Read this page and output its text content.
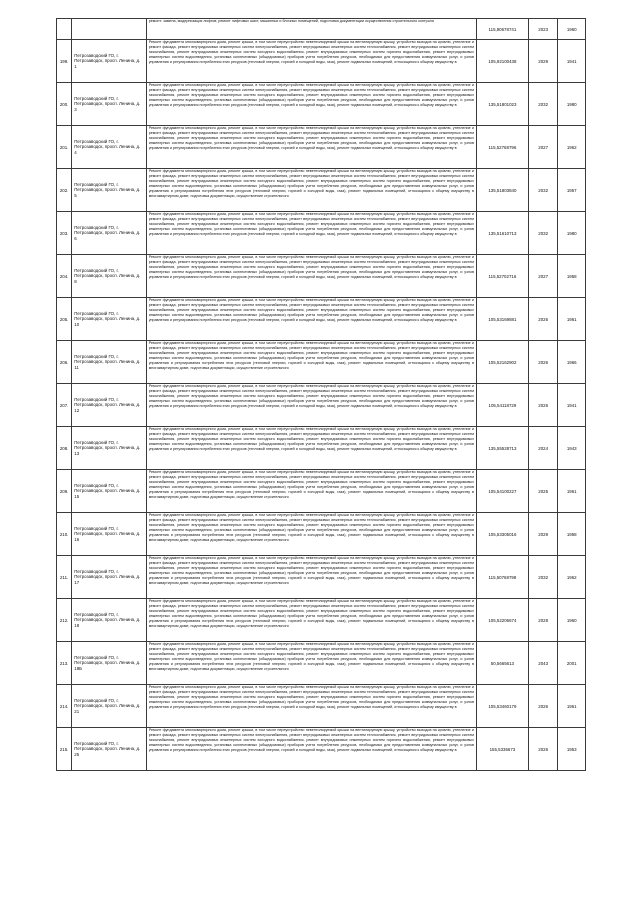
		ремонт: замена, модернизация лифтов; ремонт лифтовых шахт, машинных и блочных помещений, подготовка документации осуществления строительного контроля	115,90678741	2023	1960
199.	Петрозаводский ГО, г. Петрозаводск, просп. Ленина, д. 1	Ремонт фундамента многоквартирного дома, ремонт крыши, в том числе переустройство невентилируемой крыши на вентилируемую крышу, устройство выходов на кровлю, утепление и ремонт фасада, ремонт внутридомовых инженерных систем электроснабжения, ремонт внутридомовых инженерных систем теплоснабжения, ремонт внутридомовых инженерных систем газоснабжения, ремонт внутридомовых инженерных систем холодного водоснабжения, ремонт внутридомовых инженерных систем горячего водоснабжения, ремонт внутридомовых инженерных систем водоотведения, установка коллективных (общедомовых) приборов учета потребления ресурсов, необходимых для предоставления коммунальных услуг, и узлов управления и регулирования потребления этих ресурсов (тепловой энергии, горячей и холодной воды, газа), ремонт подвальных помещений, относящихся к общему имуществу в	105,92100438	2029	1941
200.	Петрозаводский ГО, г. Петрозаводск, просп. Ленина, д. 3	Ремонт фундамента многоквартирного дома, ремонт крыши, в том числе переустройство невентилируемой крыши на вентилируемую крышу, устройство выходов на кровлю, утепление и ремонт фасада, ремонт внутридомовых инженерных систем электроснабжения, ремонт внутридомовых инженерных систем теплоснабжения, ремонт внутридомовых инженерных систем газоснабжения, ремонт внутридомовых инженерных систем холодного водоснабжения, ремонт внутридомовых инженерных систем горячего водоснабжения, ремонт внутридомовых инженерных систем водоотведения, установка коллективных (общедомовых) приборов учета потребления ресурсов, необходимых для предоставления коммунальных услуг, и узлов управления и регулирования потребления этих ресурсов (тепловой энергии, горячей и холодной воды, газа), ремонт подвальных помещений, относящихся к общему имуществу в	135,51801023	2032	1980
201.	Петрозаводский ГО, г. Петрозаводск, просп. Ленина, д. 4	Ремонт фундамента многоквартирного дома, ремонт крыши, в том числе переустройство невентилируемой крыши на вентилируемую крышу, устройство выходов на кровлю, утепление и ремонт фасада, ремонт внутридомовых инженерных систем электроснабжения, ремонт внутридомовых инженерных систем теплоснабжения, ремонт внутридомовых инженерных систем газоснабжения, ремонт внутридомовых инженерных систем холодного водоснабжения, ремонт внутридомовых инженерных систем горячего водоснабжения, ремонт внутридомовых инженерных систем водоотведения, установка коллективных (общедомовых) приборов учета потребления ресурсов, необходимых для предоставления коммунальных услуг, и узлов управления и регулирования потребления этих ресурсов (тепловой энергии, горячей и холодной воды, газа), ремонт подвальных помещений, относящихся к общему имуществу в	115,52768796	2027	1962
202.	Петрозаводский ГО, г. Петрозаводск, просп. Ленина, д. 5	Ремонт фундамента многоквартирного дома, ремонт крыши, в том числе переустройство невентилируемой крыши на вентилируемую крышу, устройство выходов на кровлю, утепление и ремонт фасада, ремонт внутридомовых инженерных систем электроснабжения, ремонт внутридомовых инженерных систем теплоснабжения, ремонт внутридомовых инженерных систем газоснабжения, ремонт внутридомовых инженерных систем холодного водоснабжения, ремонт внутридомовых инженерных систем горячего водоснабжения, ремонт внутридомовых инженерных систем водоотведения, установка коллективных (общедомовых) приборов учета потребления ресурсов, необходимых для предоставления коммунальных услуг, и узлов управления и регулирования потребления этих ресурсов (тепловой энергии, горячей и холодной воды, газа), ремонт подвальных помещений, относящихся к общему имуществу в многоквартирном доме, подготовка документации, осуществление строительного	135,51803840	2032	1957
203.	Петрозаводский ГО, г. Петрозаводск, просп. Ленина, д. 6	Ремонт фундамента многоквартирного дома, ремонт крыши, в том числе переустройство невентилируемой крыши на вентилируемую крышу, устройство выходов на кровлю, утепление и ремонт фасада, ремонт внутридомовых инженерных систем электроснабжения, ремонт внутридомовых инженерных систем теплоснабжения, ремонт внутридомовых инженерных систем газоснабжения, ремонт внутридомовых инженерных систем холодного водоснабжения, ремонт внутридомовых инженерных систем горячего водоснабжения, ремонт внутридомовых инженерных систем водоотведения, установка коллективных (общедомовых) приборов учета потребления ресурсов, необходимых для предоставления коммунальных услуг, и узлов управления и регулирования потребления этих ресурсов (тепловой энергии, горячей и холодной воды, газа), ремонт подвальных помещений, относящихся к общему имуществу в	135,51610713	2032	1980
204.	Петрозаводский ГО, г. Петрозаводск, просп. Ленина, д. 8	Ремонт фундамента многоквартирного дома, ремонт крыши, в том числе переустройство невентилируемой крыши на вентилируемую крышу, устройство выходов на кровлю, утепление и ремонт фасада, ремонт внутридомовых инженерных систем электроснабжения, ремонт внутридомовых инженерных систем теплоснабжения, ремонт внутридомовых инженерных систем газоснабжения, ремонт внутридомовых инженерных систем холодного водоснабжения, ремонт внутридомовых инженерных систем горячего водоснабжения, ремонт внутридомовых инженерных систем водоотведения, установка коллективных (общедомовых) приборов учета потребления ресурсов, необходимых для предоставления коммунальных услуг, и узлов управления и регулирования потребления этих ресурсов (тепловой энергии, горячей и холодной воды, газа), ремонт подвальных помещений, относящихся к общему имуществу в	115,52702716	2027	1958
205.	Петрозаводский ГО, г. Петрозаводск, просп. Ленина, д. 10	Ремонт фундамента многоквартирного дома, ремонт крыши, в том числе переустройство невентилируемой крыши на вентилируемую крышу, устройство выходов на кровлю, утепление и ремонт фасада, ремонт внутридомовых инженерных систем электроснабжения, ремонт внутридомовых инженерных систем теплоснабжения, ремонт внутридомовых инженерных систем газоснабжения, ремонт внутридомовых инженерных систем холодного водоснабжения, ремонт внутридомовых инженерных систем горячего водоснабжения, ремонт внутридомовых инженерных систем водоотведения, установка коллективных (общедомовых) приборов учета потребления ресурсов, необходимых для предоставления коммунальных услуг, и узлов управления и регулирования потребления этих ресурсов (тепловой энергии, горячей и холодной воды, газа), ремонт подвальных помещений, относящихся к общему имуществу в	105,53169881	2026	1961
206.	Петрозаводский ГО, г. Петрозаводск, просп. Ленина, д. 11	Ремонт фундамента многоквартирного дома, ремонт крыши, в том числе переустройство невентилируемой крыши на вентилируемую крышу, устройство выходов на кровлю, утепление и ремонт фасада, ремонт внутридомовых инженерных систем электроснабжения, ремонт внутридомовых инженерных систем теплоснабжения, ремонт внутридомовых инженерных систем газоснабжения, ремонт внутридомовых инженерных систем холодного водоснабжения, ремонт внутридомовых инженерных систем горячего водоснабжения, ремонт внутридомовых инженерных систем водоотведения, установка коллективных (общедомовых) приборов учета потребления ресурсов, необходимых для предоставления коммунальных услуг, и узлов управления и регулирования потребления этих ресурсов (тепловой энергии, горячей и холодной воды, газа), ремонт подвальных помещений, относящихся к общему имуществу в многоквартирном доме, подготовка документации, осуществление строительного	105,52162902	2026	1966
207.	Петрозаводский ГО, г. Петрозаводск, просп. Ленина, д. 12	Ремонт фундамента многоквартирного дома, ремонт крыши, в том числе переустройство невентилируемой крыши на вентилируемую крышу, устройство выходов на кровлю, утепление и ремонт фасада, ремонт внутридомовых инженерных систем электроснабжения, ремонт внутридомовых инженерных систем теплоснабжения, ремонт внутридомовых инженерных систем газоснабжения, ремонт внутридомовых инженерных систем холодного водоснабжения, ремонт внутридомовых инженерных систем горячего водоснабжения, ремонт внутридомовых инженерных систем водоотведения, установка коллективных (общедомовых) приборов учета потребления ресурсов, необходимых для предоставления коммунальных услуг, и узлов управления и регулирования потребления этих ресурсов (тепловой энергии, горячей и холодной воды, газа), ремонт подвальных помещений, относящихся к общему имуществу в	105,54118729	2026	1941
208.	Петрозаводский ГО, г. Петрозаводск, просп. Ленина, д. 13	Ремонт фундамента многоквартирного дома, ремонт крыши, в том числе переустройство невентилируемой крыши на вентилируемую крышу, устройство выходов на кровлю, утепление и ремонт фасада, ремонт внутридомовых инженерных систем электроснабжения, ремонт внутридомовых инженерных систем теплоснабжения, ремонт внутридомовых инженерных систем газоснабжения, ремонт внутридомовых инженерных систем холодного водоснабжения, ремонт внутридомовых инженерных систем горячего водоснабжения, ремонт внутридомовых инженерных систем водоотведения, установка коллективных (общедомовых) приборов учета потребления ресурсов, необходимых для предоставления коммунальных услуг, и узлов управления и регулирования потребления этих ресурсов (тепловой энергии, горячей и холодной воды, газа), ремонт подвальных помещений, относящихся к общему имуществу в	135,55528713	2024	1943
209.	Петрозаводский ГО, г. Петрозаводск, просп. Ленина, д. 15	Ремонт фундамента многоквартирного дома, ремонт крыши, в том числе переустройство невентилируемой крыши на вентилируемую крышу, устройство выходов на кровлю, утепление и ремонт фасада, ремонт внутридомовых инженерных систем электроснабжения, ремонт внутридомовых инженерных систем теплоснабжения, ремонт внутридомовых инженерных систем газоснабжения, ремонт внутридомовых инженерных систем холодного водоснабжения, ремонт внутридомовых инженерных систем горячего водоснабжения, ремонт внутридомовых инженерных систем водоотведения, установка коллективных (общедомовых) приборов учета потребления ресурсов, необходимых для предоставления коммунальных услуг, и узлов управления и регулирования потребления этих ресурсов (тепловой энергии, горячей и холодной воды, газа), ремонт подвальных помещений, относящихся к общему имуществу в многоквартирном доме, подготовка документации, осуществление строительного	105,54100227	2025	1961
210.	Петрозаводский ГО, г. Петрозаводск, просп. Ленина, д. 16	Ремонт фундамента многоквартирного дома, ремонт крыши, в том числе переустройство невентилируемой крыши на вентилируемую крышу, устройство выходов на кровлю, утепление и ремонт фасада, ремонт внутридомовых инженерных систем электроснабжения, ремонт внутридомовых инженерных систем теплоснабжения, ремонт внутридомовых инженерных систем газоснабжения, ремонт внутридомовых инженерных систем холодного водоснабжения, ремонт внутридомовых инженерных систем горячего водоснабжения, ремонт внутридомовых инженерных систем водоотведения, установка коллективных (общедомовых) приборов учета потребления ресурсов, необходимых для предоставления коммунальных услуг, и узлов управления и регулирования потребления этих ресурсов (тепловой энергии, горячей и холодной воды, газа), ремонт подвальных помещений, относящихся к общему имуществу в многоквартирном доме, подготовка документации, осуществление строительного	105,53305016	2029	1958
211.	Петрозаводский ГО, г. Петрозаводск, просп. Ленина, д. 17	Ремонт фундамента многоквартирного дома, ремонт крыши, в том числе переустройство невентилируемой крыши на вентилируемую крышу, устройство выходов на кровлю, утепление и ремонт фасада, ремонт внутридомовых инженерных систем электроснабжения, ремонт внутридомовых инженерных систем теплоснабжения, ремонт внутридомовых инженерных систем газоснабжения, ремонт внутридомовых инженерных систем холодного водоснабжения, ремонт внутридомовых инженерных систем горячего водоснабжения, ремонт внутридомовых инженерных систем водоотведения, установка коллективных (общедомовых) приборов учета потребления ресурсов, необходимых для предоставления коммунальных услуг, и узлов управления и регулирования потребления этих ресурсов (тепловой энергии, горячей и холодной воды, газа), ремонт подвальных помещений, относящихся к общему имуществу в многоквартирном доме, подготовка документации, осуществление строительного	115,50768798	2032	1962
212.	Петрозаводский ГО, г. Петрозаводск, просп. Ленина, д. 18	Ремонт фундамента многоквартирного дома, ремонт крыши, в том числе переустройство невентилируемой крыши на вентилируемую крышу, устройство выходов на кровлю, утепление и ремонт фасада, ремонт внутридомовых инженерных систем электроснабжения, ремонт внутридомовых инженерных систем теплоснабжения, ремонт внутридомовых инженерных систем газоснабжения, ремонт внутридомовых инженерных систем холодного водоснабжения, ремонт внутридомовых инженерных систем горячего водоснабжения, ремонт внутридомовых инженерных систем водоотведения, установка коллективных (общедомовых) приборов учета потребления ресурсов, необходимых для предоставления коммунальных услуг, и узлов управления и регулирования потребления этих ресурсов (тепловой энергии, горячей и холодной воды, газа), ремонт подвальных помещений, относящихся к общему имуществу в многоквартирном доме, подготовка документации, осуществление строительного	105,52206674	2028	1960
213.	Петрозаводский ГО, г. Петрозаводск, просп. Ленина, д. 18Б	Ремонт фундамента многоквартирного дома, ремонт крыши, в том числе переустройство невентилируемой крыши на вентилируемую крышу, устройство выходов на кровлю, утепление и ремонт фасада, ремонт внутридомовых инженерных систем электроснабжения, ремонт внутридомовых инженерных систем теплоснабжения, ремонт внутридомовых инженерных систем газоснабжения, ремонт внутридомовых инженерных систем холодного водоснабжения, ремонт внутридомовых инженерных систем горячего водоснабжения, ремонт внутридомовых инженерных систем водоотведения, установка коллективных (общедомовых) приборов учета потребления ресурсов, необходимых для предоставления коммунальных услуг, и узлов управления и регулирования потребления этих ресурсов (тепловой энергии, горячей и холодной воды, газа), ремонт подвальных помещений, относящихся к общему имуществу в многоквартирном доме, подготовка документации, осуществление строительного	50,5665613	2043	2001
214.	Петрозаводский ГО, г. Петрозаводск, просп. Ленина, д. 21	Ремонт фундамента многоквартирного дома, ремонт крыши, в том числе переустройство невентилируемой крыши на вентилируемую крышу, устройство выходов на кровлю, утепление и ремонт фасада, ремонт внутридомовых инженерных систем электроснабжения, ремонт внутридомовых инженерных систем теплоснабжения, ремонт внутридомовых инженерных систем газоснабжения, ремонт внутридомовых инженерных систем холодного водоснабжения, ремонт внутридомовых инженерных систем горячего водоснабжения, ремонт внутридомовых инженерных систем водоотведения, установка коллективных (общедомовых) приборов учета потребления ресурсов, необходимых для предоставления коммунальных услуг, и узлов управления и регулирования потребления этих ресурсов (тепловой энергии, горячей и холодной воды, газа), ремонт подвальных помещений, относящихся к общему имуществу в	105,53460179	2026	1961
215.	Петрозаводский ГО, г. Петрозаводск, просп. Ленина, д. 25	Ремонт фундамента многоквартирного дома, ремонт крыши, в том числе переустройство невентилируемой крыши на вентилируемую крышу, устройство выходов на кровлю, утепление и ремонт фасада, ремонт внутридомовых инженерных систем электроснабжения, ремонт внутридомовых инженерных систем теплоснабжения, ремонт внутридомовых инженерных систем газоснабжения, ремонт внутридомовых инженерных систем холодного водоснабжения, ремонт внутридомовых инженерных систем горячего водоснабжения, ремонт внутридомовых инженерных систем водоотведения, установка коллективных (общедомовых) приборов учета потребления ресурсов, необходимых для предоставления коммунальных услуг, и узлов управления и регулирования потребления этих ресурсов (тепловой энергии, горячей и холодной воды, газа), ремонт подвальных помещений, относящихся к общему имуществу в	155,5336673	2026	1953
